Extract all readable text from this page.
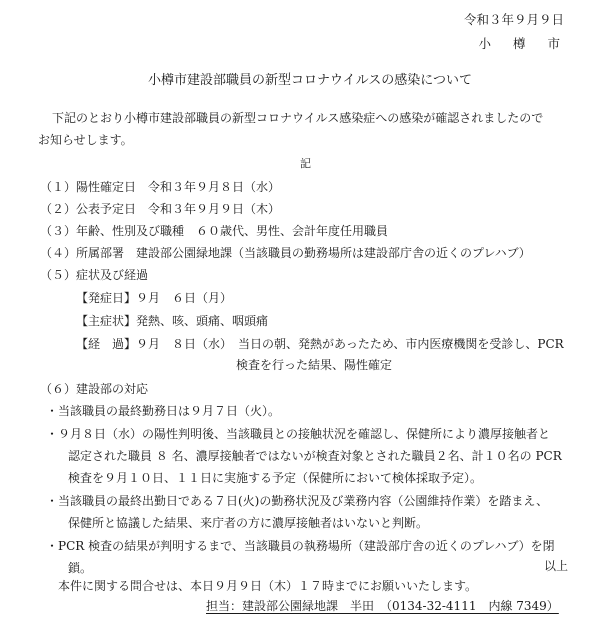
令和３年９月９日
小樽市
小樽市建設部職員の新型コロナウイルスの感染について
下記のとおり小樽市建設部職員の新型コロナウイルス感染症への感染が確認されましたので
お知らせします。
記
（１）陽性確定日　令和３年９月８日（水）
（２）公表予定日　令和３年９月９日（木）
（３）年齢、性別及び職種　６０歳代、男性、会計年度任用職員
（４）所属部署　建設部公園緑地課（当該職員の勤務場所は建設部庁舎の近くのプレハブ）
（５）症状及び経過
【発症日】９月　６日（月）
【主症状】発熱、咳、頭痛、咽頭痛
【経　過】９月　８日（水）　当日の朝、発熱があったため、市内医療機関を受診し、PCR
検査を行った結果、陽性確定
（６）建設部の対応
・当該職員の最終勤務日は９月７日（火）。
・９月８日（水）の陽性判明後、当該職員との接触状況を確認し、保健所により濃厚接触者と
認定された職員 ８ 名、濃厚接触者ではないが検査対象とされた職員２名、計１０名の PCR
検査を９月１０日、１１日に実施する予定（保健所において検体採取予定）。
・当該職員の最終出勤日である７日(火)の勤務状況及び業務内容（公園維持作業）を踏まえ、
保健所と協議した結果、来庁者の方に濃厚接触者はいないと判断。
・PCR 検査の結果が判明するまで、当該職員の執務場所（建設部庁舎の近くのプレハブ）を閉
鎖。	以上
本件に関する問合せは、本日９月９日（木）１７時までにお願いいたします。
担当：建設部公園緑地課　半田　（0134-32-4111　内線 7349）
